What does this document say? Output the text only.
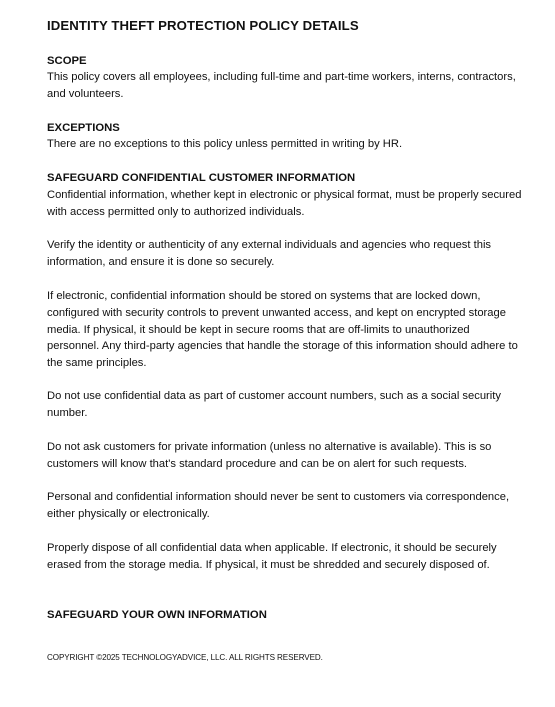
IDENTITY THEFT PROTECTION POLICY DETAILS
SCOPE
This policy covers all employees, including full-time and part-time workers, interns, contractors, and volunteers.
EXCEPTIONS
There are no exceptions to this policy unless permitted in writing by HR.
SAFEGUARD CONFIDENTIAL CUSTOMER INFORMATION
Confidential information, whether kept in electronic or physical format, must be properly secured with access permitted only to authorized individuals.
Verify the identity or authenticity of any external individuals and agencies who request this information, and ensure it is done so securely.
If electronic, confidential information should be stored on systems that are locked down, configured with security controls to prevent unwanted access, and kept on encrypted storage media. If physical, it should be kept in secure rooms that are off-limits to unauthorized personnel. Any third-party agencies that handle the storage of this information should adhere to the same principles.
Do not use confidential data as part of customer account numbers, such as a social security number.
Do not ask customers for private information (unless no alternative is available). This is so customers will know that's standard procedure and can be on alert for such requests.
Personal and confidential information should never be sent to customers via correspondence, either physically or electronically.
Properly dispose of all confidential data when applicable. If electronic, it should be securely erased from the storage media. If physical, it must be shredded and securely disposed of.
SAFEGUARD YOUR OWN INFORMATION
COPYRIGHT ©2025 TECHNOLOGYADVICE, LLC. ALL RIGHTS RESERVED.
